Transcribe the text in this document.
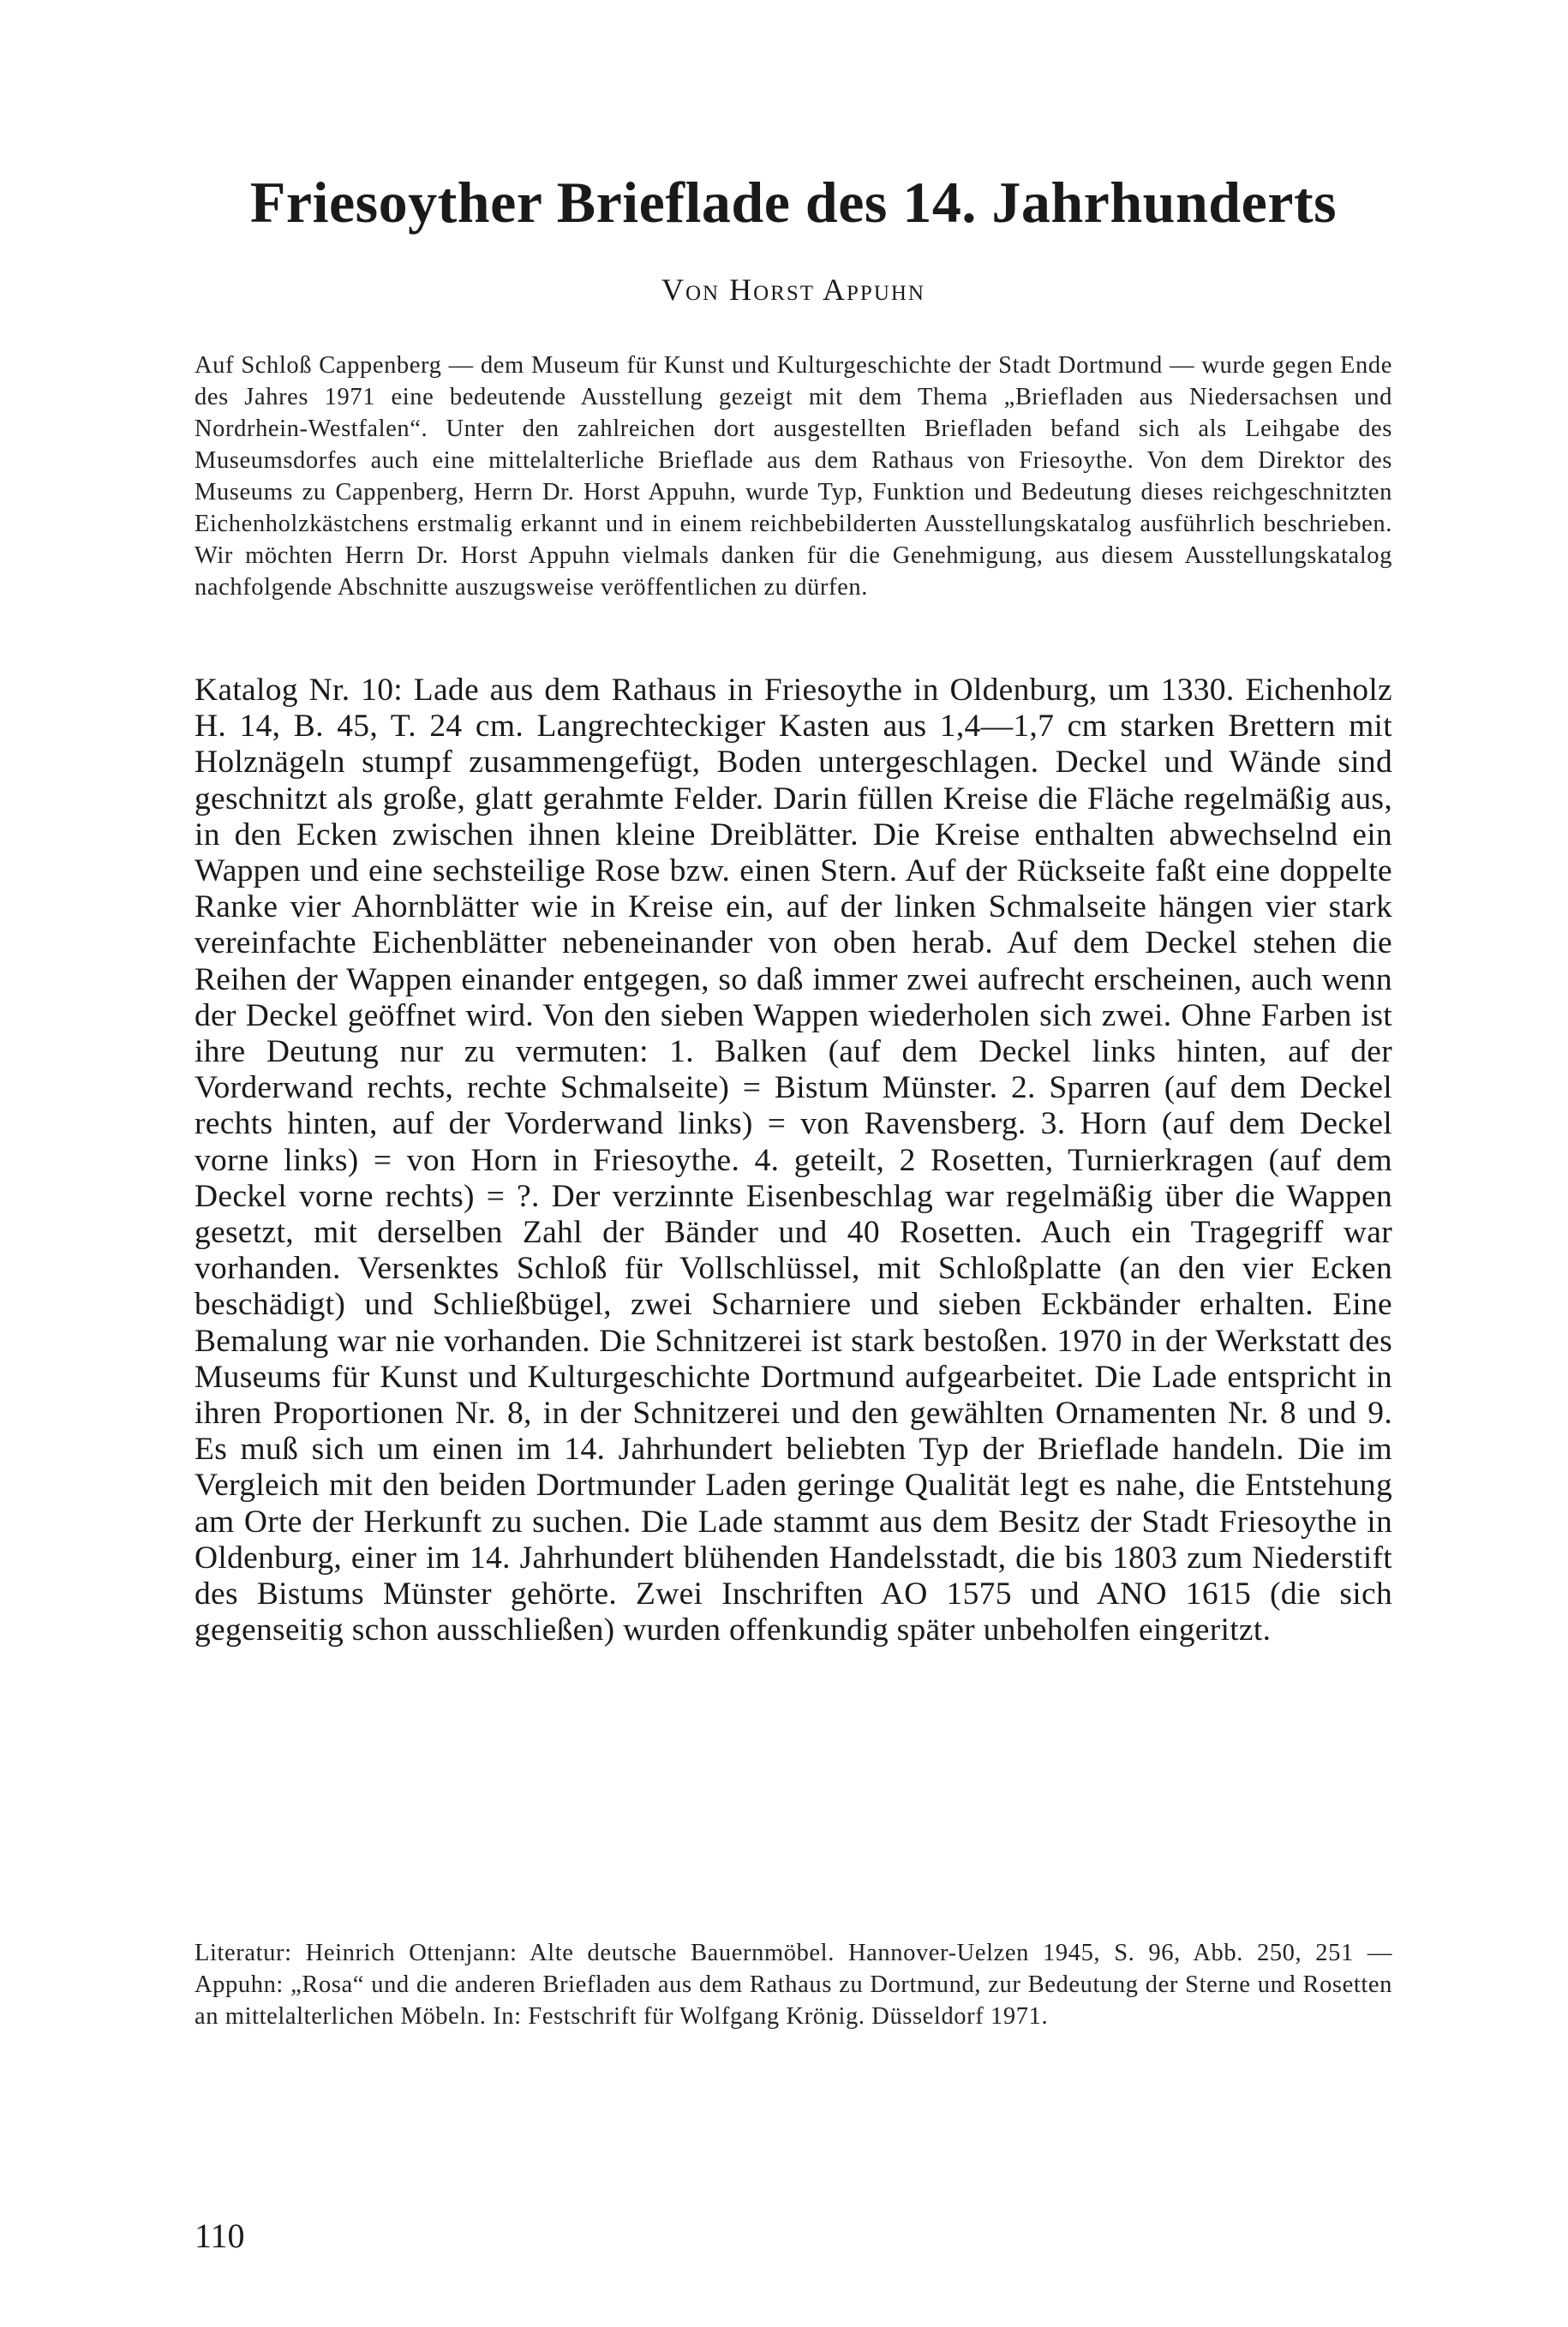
Friesoyther Brieflade des 14. Jahrhunderts

Von Horst Appuhn

Auf Schloß Cappenberg — dem Museum für Kunst und Kulturgeschichte der Stadt Dortmund — wurde gegen Ende des Jahres 1971 eine bedeutende Ausstellung gezeigt mit dem Thema „Briefladen aus Niedersachsen und Nordrhein-Westfalen“. Unter den zahlreichen dort ausgestellten Briefladen befand sich als Leihgabe des Museumsdorfes auch eine mittelalterliche Brieflade aus dem Rathaus von Friesoythe. Von dem Direktor des Museums zu Cappenberg, Herrn Dr. Horst Appuhn, wurde Typ, Funktion und Bedeutung dieses reichgeschnitzten Eichenholzkästchens erstmalig erkannt und in einem reichbebilderten Ausstellungskatalog ausführlich beschrieben. Wir möchten Herrn Dr. Horst Appuhn vielmals danken für die Genehmigung, aus diesem Ausstellungskatalog nachfolgende Abschnitte auszugsweise veröffentlichen zu dürfen.

Katalog Nr. 10: Lade aus dem Rathaus in Friesoythe in Oldenburg, um 1330. Eichenholz H. 14, B. 45, T. 24 cm. Langrechteckiger Kasten aus 1,4—1,7 cm starken Brettern mit Holznägeln stumpf zusammengefügt, Boden untergeschlagen. Deckel und Wände sind geschnitzt als große, glatt gerahmte Felder. Darin füllen Kreise die Fläche regelmäßig aus, in den Ecken zwischen ihnen kleine Dreiblätter. Die Kreise enthalten abwechselnd ein Wappen und eine sechsteilige Rose bzw. einen Stern. Auf der Rückseite faßt eine doppelte Ranke vier Ahornblätter wie in Kreise ein, auf der linken Schmalseite hängen vier stark vereinfachte Eichenblätter nebeneinander von oben herab. Auf dem Deckel stehen die Reihen der Wappen einander entgegen, so daß immer zwei aufrecht erscheinen, auch wenn der Deckel geöffnet wird. Von den sieben Wappen wiederholen sich zwei. Ohne Farben ist ihre Deutung nur zu vermuten: 1. Balken (auf dem Deckel links hinten, auf der Vorderwand rechts, rechte Schmalseite) = Bistum Münster. 2. Sparren (auf dem Deckel rechts hinten, auf der Vorderwand links) = von Ravensberg. 3. Horn (auf dem Deckel vorne links) = von Horn in Friesoythe. 4. geteilt, 2 Rosetten, Turnierkragen (auf dem Deckel vorne rechts) = ?. Der verzinnte Eisenbeschlag war regelmäßig über die Wappen gesetzt, mit derselben Zahl der Bänder und 40 Rosetten. Auch ein Tragegriff war vorhanden. Versenktes Schloß für Vollschlüssel, mit Schloßplatte (an den vier Ecken beschädigt) und Schließbügel, zwei Scharniere und sieben Eckbänder erhalten. Eine Bemalung war nie vorhanden. Die Schnitzerei ist stark bestoßen. 1970 in der Werkstatt des Museums für Kunst und Kulturgeschichte Dortmund aufgearbeitet. Die Lade entspricht in ihren Proportionen Nr. 8, in der Schnitzerei und den gewählten Ornamenten Nr. 8 und 9. Es muß sich um einen im 14. Jahrhundert beliebten Typ der Brieflade handeln. Die im Vergleich mit den beiden Dortmunder Laden geringe Qualität legt es nahe, die Entstehung am Orte der Herkunft zu suchen. Die Lade stammt aus dem Besitz der Stadt Friesoythe in Oldenburg, einer im 14. Jahrhundert blühenden Handelsstadt, die bis 1803 zum Niederstift des Bistums Münster gehörte. Zwei Inschriften AO 1575 und ANO 1615 (die sich gegenseitig schon ausschließen) wurden offenkundig später unbeholfen eingeritzt.

Literatur: Heinrich Ottenjann: Alte deutsche Bauernmöbel. Hannover-Uelzen 1945, S. 96, Abb. 250, 251 — Appuhn: „Rosa“ und die anderen Briefladen aus dem Rathaus zu Dortmund, zur Bedeutung der Sterne und Rosetten an mittelalterlichen Möbeln. In: Festschrift für Wolfgang Krönig. Düsseldorf 1971.

110
